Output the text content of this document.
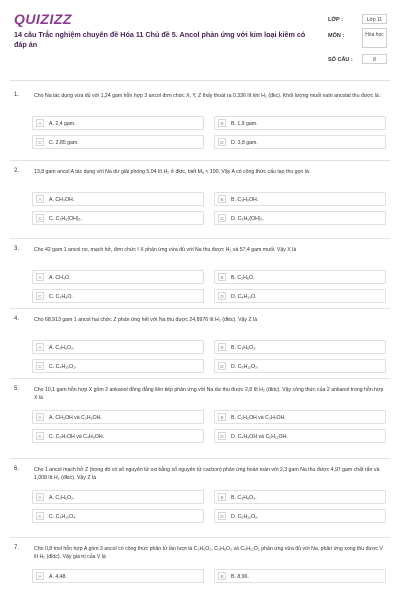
QUIZIZZ	LỚP :	Lớp 11
MÔN :	Hóa học
SỐ CÂU :	8
14 câu Trắc nghiệm chuyên đề Hóa 11 Chủ đề 5. Ancol phản ứng với kim loại kiềm có đáp án
1.	Cho Na tác dụng vừa đủ với 1,24 gam hỗn hợp 3 ancol đơn chức X, Y, Z thấy thoát ra 0,336 lít khí H₂ (đkc). Khối lượng muối natri ancolat thu được là :
A	A. 2,4 gam.	B	B. 1,9 gam.
C	C. 2,85 gam.	D	D. 3,8 gam.
2.	13,8 gam ancol A tác dụng với Na dư giải phóng 5,04 lít H₂ ở đktc, biết Mₐ < 100. Vậy A có công thức cấu tạo thu gọn là:
A	A. CH₃OH.	B	B. C₂H₅OH.
C	C. C₃H₆(OH)₂.	D	D. C₃H₅(OH)₃.
3.	Cho 42 gam 1 ancol no, mạch hở, đơn chức I X phản ứng vừa đủ với Na thu được H₂ và 57,4 gam muối. Vậy X là
A	A. CH₄O.	B	B. C₂H₆O.
C	C. C₃H₈O.	D	D. C₄H₁₀O.
4.	Cho 68,913 gam 1 ancol hai chức Z phản ứng hết với Na thu được 24,8976 lít H₂ (đktc). Vậy Z là
A	A. C₂H₆O₂.	B	B. C₃H₈O₂.
C	C. C₄H₁₀O₂.	D	D. C₅H₁₂O₂.
5.	Cho 10,1 gam hỗn hợp X gồm 2 ankanol đồng đẳng liên tiếp phản ứng với Na dư thu được 2,8 lít H₂ (đktc). Vậy công thức của 2 ankanol trong hỗn hợp X là
A	A. CH₃OH và C₂H₅OH.	B	B. C₂H₅OH và C₃H₇OH.
C	C. C₃H₇OH và C₄H₉OH.	D	D. C₄H₉OH và C₅H₁₁OH.
6.	Cho 1 ancol mạch hở Z (trong đó có số nguyên tử oxi bằng số nguyên tử cacbon) phản ứng hoàn toàn với 2,3 gam Na thu được 4,97 gam chất rắn và 1,008 lít H₂ (đktc). Vậy Z là
A	A. C₂H₆O₂.	B	B. C₃H₈O₃.
C	C. C₄H₁₀O₄.	D	D. C₅H₁₂O₅.
7.	Cho 0,8 mol hỗn hợp A gồm 3 ancol có công thức phân tử lần lượt là C₂H₆O₂, C₃H₈O₂ và C₅H₁₂O₂ phản ứng vừa đủ với Na, phản ứng xong thu được V lít H₂ (đktc). Vậy giá trị của V là
A	A. 4,48.	B	B. 8,96.
